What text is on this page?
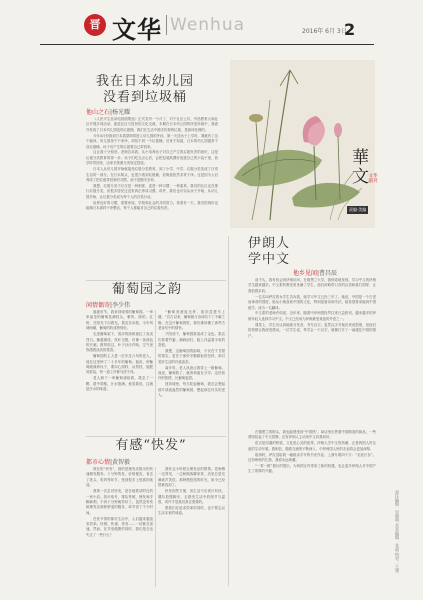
晋 文华 Wenhua	2016年 6月 3日
2
我在日本幼儿园
没看到垃圾桶
他山之石|杨光耀

《人民平生品读电视剧集选》正式发刊一个月了，对于社区公共，外语教育大和社区开展多项活动，促进社区与居民的文化交流，本期在日本幼儿园的所见所闻中，我意外发现了日本幼儿园没有垃圾桶，我们在生活中随手扔掉的垃圾，是如何处理的。

今年4月份我到日本看望即将进入幼儿园的外孙，第一天送孩子上学时，我就有了这个疑问。幼儿园里干干净净，却找不到一个垃圾桶。后来才知道，日本的幼儿园通常不设垃圾桶，孩子们产生的垃圾要自己带回家。

这让我十分惊讶。老师告诉我，从小培养孩子对自己产生的垃圾负责的意识，这是垃圾分类教育的第一步。孩子们吃完点心后，会把包装纸叠好放进自己的小袋子里，放学时带回家，由家长按照分类规定投放。

日本人从幼儿园开始就接受垃圾分类教育，到了小学、中学，垃圾分类变成了日常生活的一部分。在日本街头，也很少看到垃圾桶，但街道依然非常干净。这是因为人们养成了把垃圾带回家的习惯，而不是随手丢弃。

我想，垃圾分类不仅仅是一种制度，更是一种习惯、一种素养。我们的社区也在推行垃圾分类，但很多居民还没有真正养成习惯。或许，我们也可以从孩子开始，从幼儿园开始，让垃圾分类成为每个人的自觉行动。

培养良好的习惯，需要家庭、学校和社会的共同努力。希望有一天，我们的城市也能像日本那样干净整洁，每个人都能对自己的垃圾负责。

華文 文华副刊
责编·美编
葡萄园之韵
闲情偶寄|李少伟

盛夏时节，我来到城郊的葡萄园。一串串晶莹的葡萄挂满枝头，紫的、绿的、红的，在阳光下闪着光。果农告诉我，今年风调雨顺，葡萄的收成特别好。

走进葡萄架下，清凉的绿荫遮住了炎炎烈日。藤蔓缠绕，枝叶交错，仿佛一条绿色的长廊。微风吹过，叶子沙沙作响，空气里弥漫着淡淡的果香。

葡萄园的主人是一位年过六旬的老人，他在这里种了二十多年的葡萄。他说，种葡萄就像养孩子，要用心照料，从剪枝、施肥到套袋，每一道工序都马虎不得。

老人摘下一串葡萄递给我，我尝了一颗，甜中带酸，汁水饱满。他笑着说，这就是汗水的味道。

“葡萄美酒夜光杯，欲饮琵琶马上催。”自古以来，葡萄就与诗词结下了不解之缘。在这片葡萄园里，我仿佛读懂了那些古老诗句中的情怀。

夕阳西下，葡萄园被染成了金色。果农们背着竹篓，满载而归，脸上洋溢着丰收的喜悦。

我想，这葡萄园的韵味，不仅在于甘甜的果实，更在于那份辛勤耕耘的坚持，和对美好生活的朴素追求。

离开时，老人执意让我带上一箱葡萄。他说，葡萄熟了，就该和朋友分享。这份质朴的热情，比葡萄更甜。

回到城里，每当吃起葡萄，我总会想起那片绿意盎然的葡萄园，想起那位朴实的老人。

有感“快发”
都市心情|黄智毅

现在的“快发”，指的是理发店推出的快速理发服务。十分钟剪发，价格便宜，省去了洗头、吹风等环节，受到很多上班族的欢迎。

我第一次尝试快发，是在地铁站附近的一家小店。投币取号，排队等候，理发师手脚麻利，不到十分钟就剪好了。虽然没有传统理发店那种舒适的服务，却节省了不少时间。

在快节奏的都市生活中，人们越来越追求效率。快餐、快递、快发……一切都在加速。然而，在享受便捷的同时，我们是否也失去了一些什么？

我怀念小时候去理发店的情景。老师傅一边剪发，一边和顾客聊家常，店里总是充满欢声笑语。那种慢悠悠的时光，如今已经很难找到了。

快发固然方便，但生活不应该只有快。偶尔放慢脚步，去感受生活中的细节与温度，或许才是我们真正需要的。

愿我们在追求效率的同时，也不要忘记生活本来的味道。

伊朗人
学中文
他乡见闻|曹昌辰

前不久，我有机会到伊朗访问，在德黑兰大学，我惊奇地发现，学习中文的伊朗学生越来越多。中文系的教室里坐满了学生，他们用略带口音的汉语和我打招呼，让我倍感亲切。

一位名叫萨拉的女学生告诉我，她学习中文已经三年了。她说，中国是一个古老而神奇的国度，她从小就喜欢中国的文化，特别是唐诗和书法。她希望将来能到中国留学，成为一名翻译。

中文系的老师介绍说，近年来，随着中伊两国经贸往来日益密切，越来越多的伊朗年轻人选择学习中文。中文已经成为伊朗最受欢迎的外语之一。

课堂上，学生们认真地练习发音，书写汉字。虽然汉字对他们来说很难，但他们的热情让我深受感动。一位学生说，每学会一个汉字，就像打开了一扇通往中国的窗户。

在德黑兰的街头，我也能感受到“中国热”。商店里出售着中国制造的商品，一些餐馆挂起了中文招牌，还有伊朗人主动用中文向我问好。

语言是沟通的桥梁，文化是心灵的纽带。伊朗人学中文的热潮，正是两国人民友谊的生动写照。我相信，随着交流的不断深入，中伊两国人民的友谊将会更加深厚。

临别时，萨拉送给我一幅她亲手写的书法作品，上面写着四个字：“友谊长存”。这份珍贵的礼物，我将永远珍藏。

“一带一路”倡议的提出，为两国合作带来了新的机遇，也让更多伊朗人对中国产生了浓厚的兴趣。

责任编辑：吴晓明 美术编辑：张丽 校对：王建
